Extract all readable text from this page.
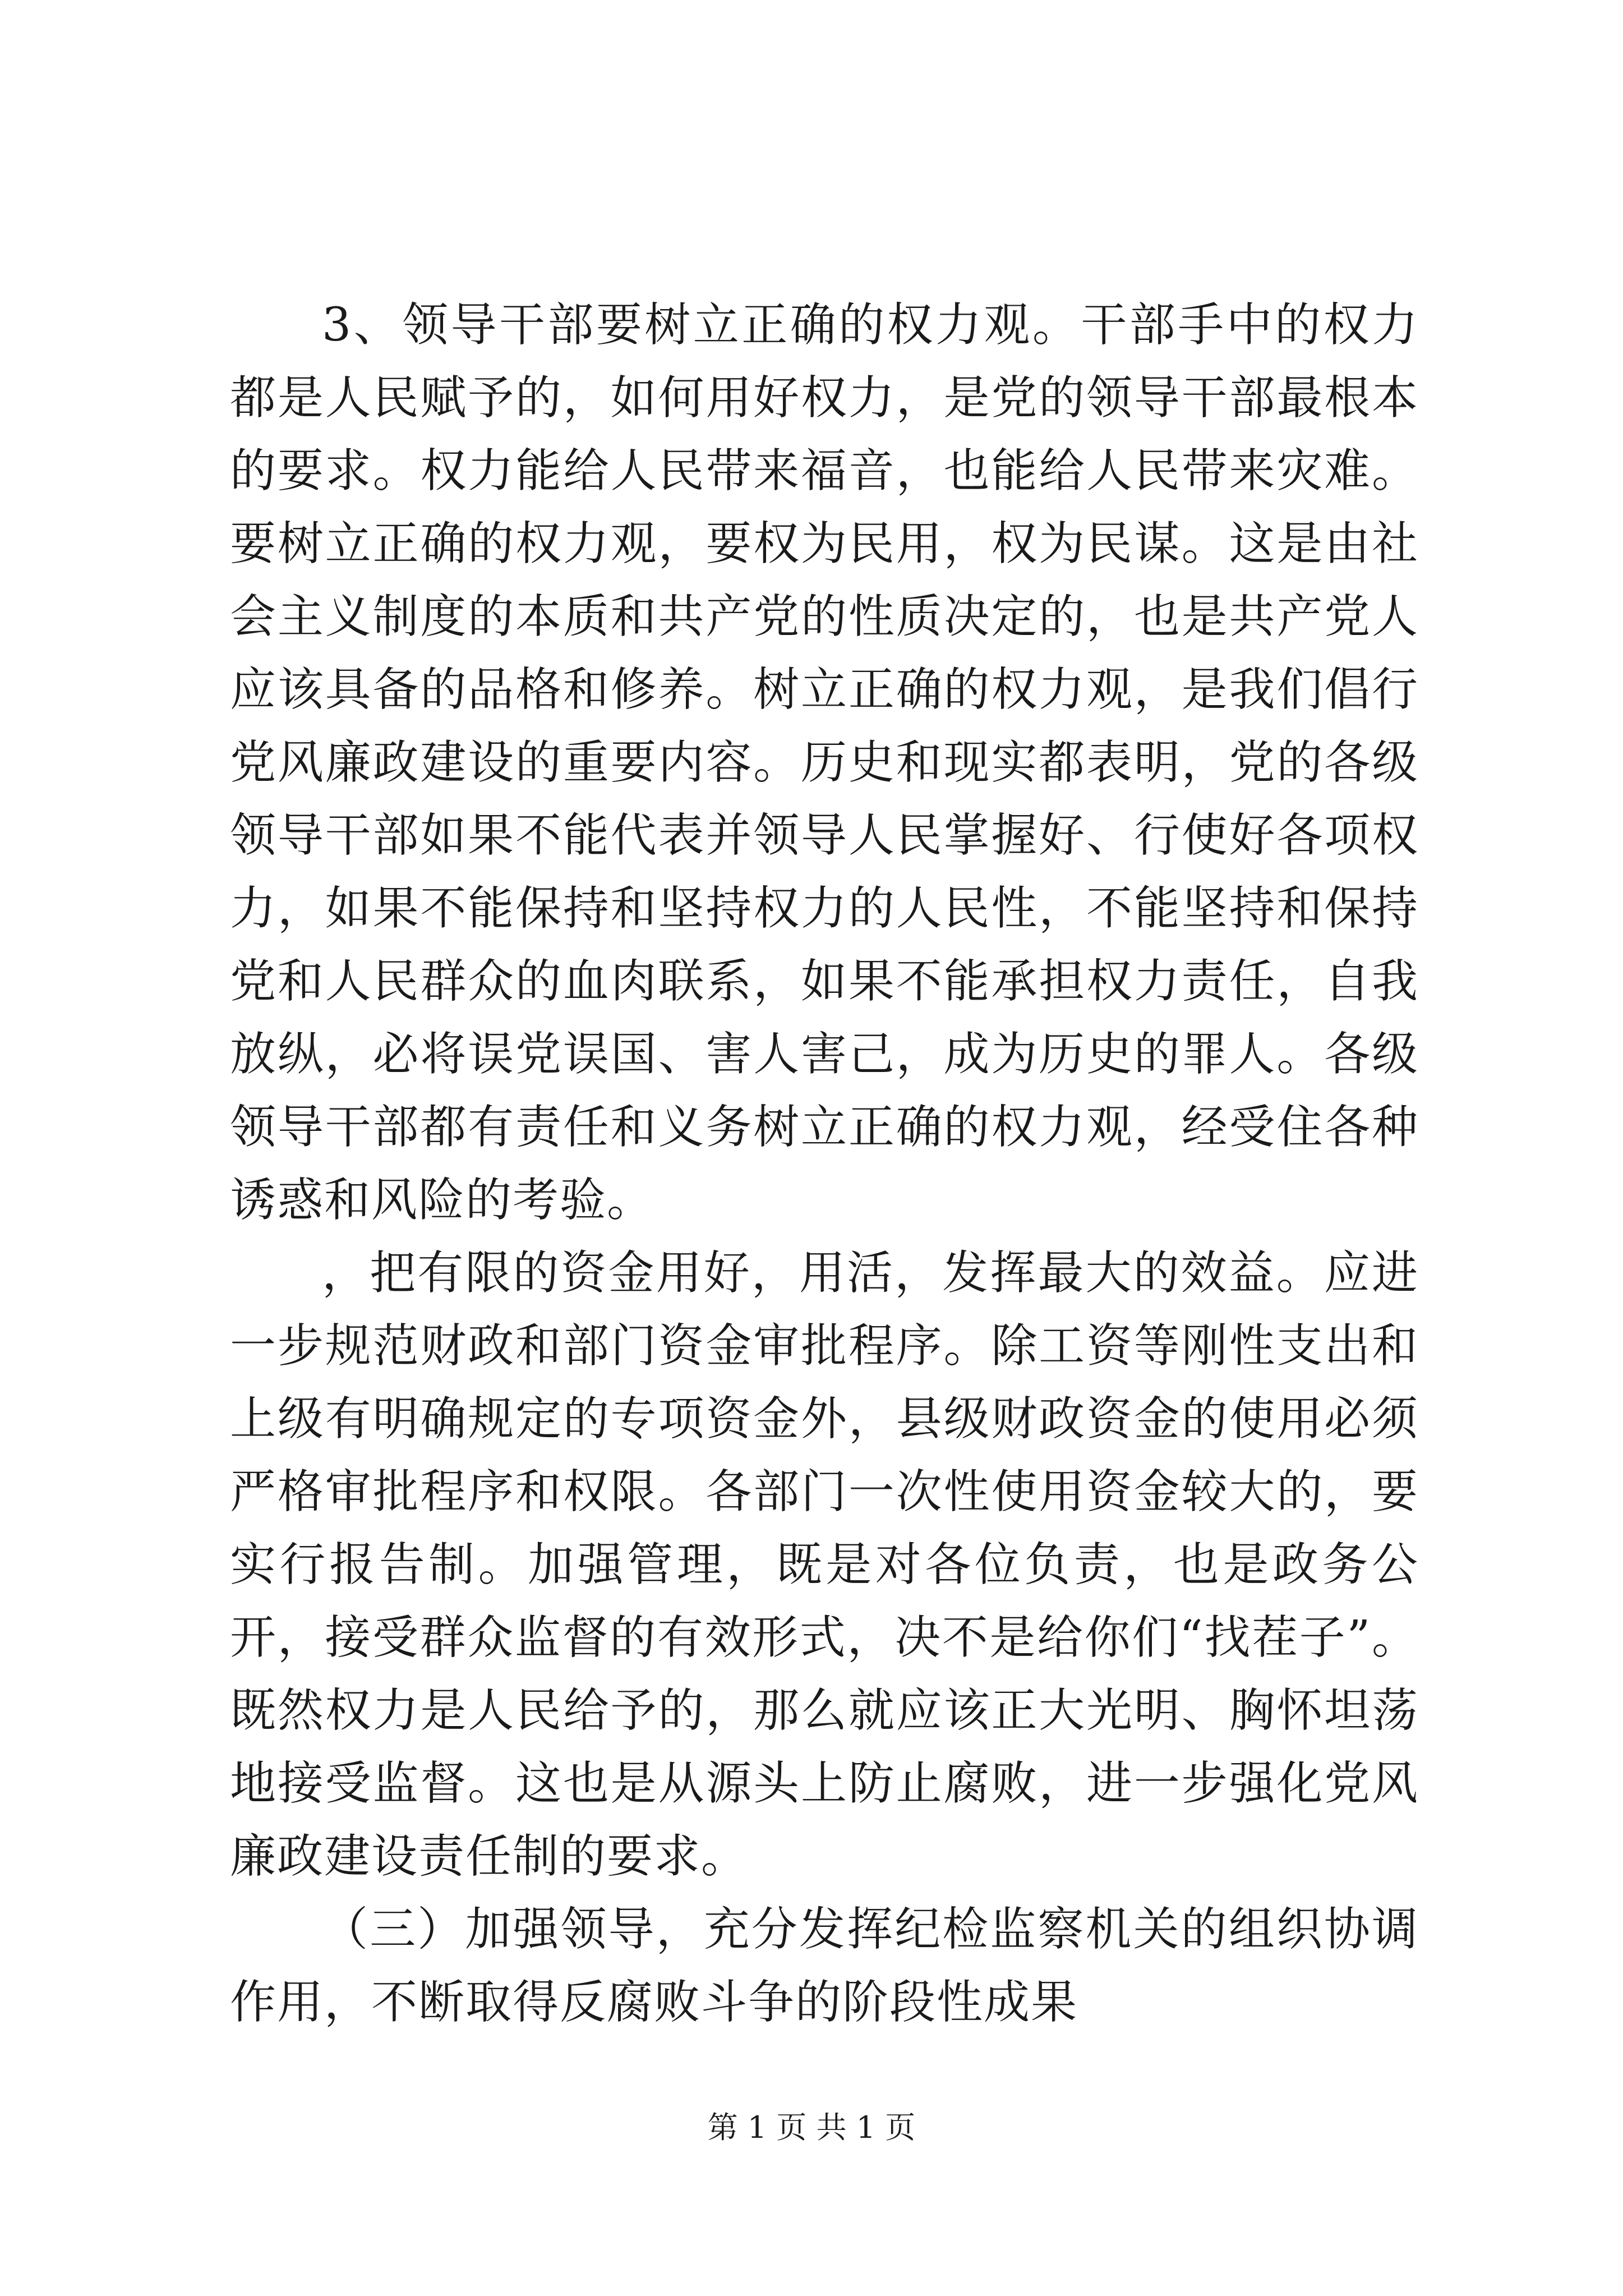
3、领导干部要树立正确的权力观。干部手中的权力都是人民赋予的，如何用好权力，是党的领导干部最根本的要求。权力能给人民带来福音，也能给人民带来灾难。要树立正确的权力观，要权为民用，权为民谋。这是由社会主义制度的本质和共产党的性质决定的，也是共产党人应该具备的品格和修养。树立正确的权力观，是我们倡行党风廉政建设的重要内容。历史和现实都表明，党的各级领导干部如果不能代表并领导人民掌握好、行使好各项权力，如果不能保持和坚持权力的人民性，不能坚持和保持党和人民群众的血肉联系，如果不能承担权力责任，自我放纵，必将误党误国、害人害己，成为历史的罪人。各级领导干部都有责任和义务树立正确的权力观，经受住各种诱惑和风险的考验。

，把有限的资金用好，用活，发挥最大的效益。应进一步规范财政和部门资金审批程序。除工资等刚性支出和上级有明确规定的专项资金外，县级财政资金的使用必须严格审批程序和权限。各部门一次性使用资金较大的，要实行报告制。加强管理，既是对各位负责，也是政务公开，接受群众监督的有效形式，决不是给你们“找茬子”。既然权力是人民给予的，那么就应该正大光明、胸怀坦荡地接受监督。这也是从源头上防止腐败，进一步强化党风廉政建设责任制的要求。

（三）加强领导，充分发挥纪检监察机关的组织协调作用，不断取得反腐败斗争的阶段性成果

第 1 页 共 1 页
